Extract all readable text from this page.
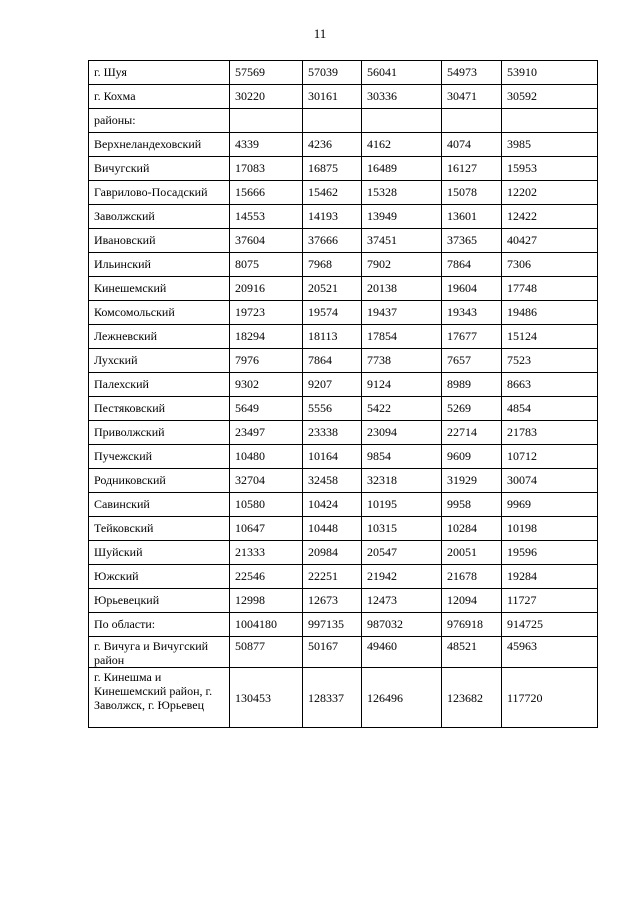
11
г. Шуя	57569	57039	56041	54973	53910
г. Кохма	30220	30161	30336	30471	30592
районы:					
Верхнеландеховский	4339	4236	4162	4074	3985
Вичугский	17083	16875	16489	16127	15953
Гаврилово-Посадский	15666	15462	15328	15078	12202
Заволжский	14553	14193	13949	13601	12422
Ивановский	37604	37666	37451	37365	40427
Ильинский	8075	7968	7902	7864	7306
Кинешемский	20916	20521	20138	19604	17748
Комсомольский	19723	19574	19437	19343	19486
Лежневский	18294	18113	17854	17677	15124
Лухский	7976	7864	7738	7657	7523
Палехский	9302	9207	9124	8989	8663
Пестяковский	5649	5556	5422	5269	4854
Приволжский	23497	23338	23094	22714	21783
Пучежский	10480	10164	9854	9609	10712
Родниковский	32704	32458	32318	31929	30074
Савинский	10580	10424	10195	9958	9969
Тейковский	10647	10448	10315	10284	10198
Шуйский	21333	20984	20547	20051	19596
Южский	22546	22251	21942	21678	19284
Юрьевецкий	12998	12673	12473	12094	11727
По области:	1004180	997135	987032	976918	914725
г. Вичуга и Вичугский район	50877	50167	49460	48521	45963
г. Кинешма и Кинешемский район, г. Заволжск, г. Юрьевец	130453	128337	126496	123682	117720
